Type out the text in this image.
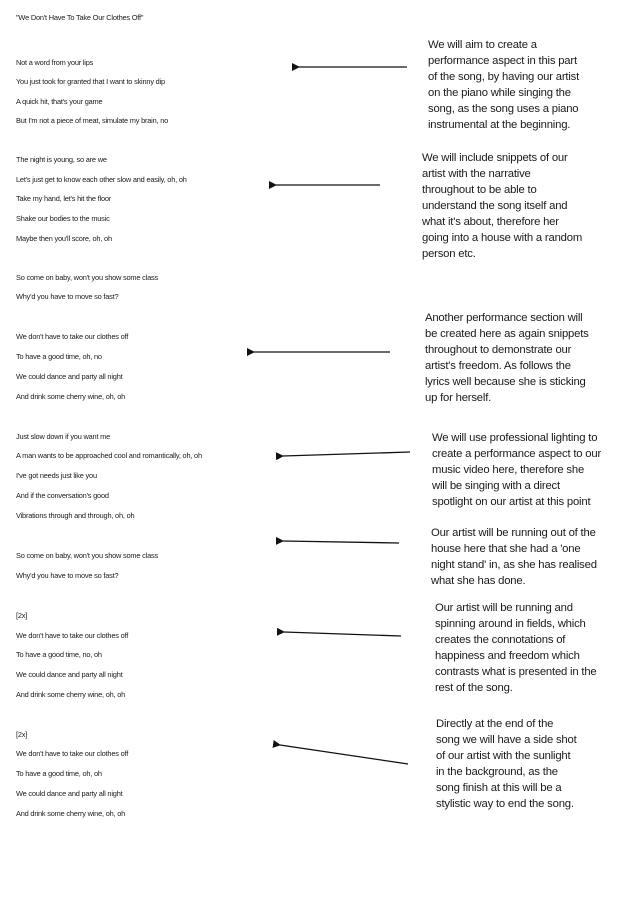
"We Don't Have To Take Our Clothes Off"
Not a word from your lips
You just took for granted that I want to skinny dip
A quick hit, that's your game
But I'm not a piece of meat, simulate my brain, no
The night is young, so are we
Let's just get to know each other slow and easily, oh, oh
Take my hand, let's hit the floor
Shake our bodies to the music
Maybe then you'll score, oh, oh
So come on baby, won't you show some class
Why'd you have to move so fast?
We don't have to take our clothes off
To have a good time, oh, no
We could dance and party all night
And drink some cherry wine, oh, oh
Just slow down if you want me
A man wants to be approached cool and romantically, oh, oh
I've got needs just like you
And if the conversation's good
Vibrations through and through, oh, oh
So come on baby, won't you show some class
Why'd you have to move so fast?
[2x]
We don't have to take our clothes off
To have a good time, no, oh
We could dance and party all night
And drink some cherry wine, oh, oh
[2x]
We don't have to take our clothes off
To have a good time, oh, oh
We could dance and party all night
And drink some cherry wine, oh, oh
We will aim to create a
performance aspect in this part
of the song, by having our artist
on the piano while singing the
song, as the song uses a piano
instrumental at the beginning.
We will include snippets of our
artist with the narrative
throughout to be able to
understand the song itself and
what it's about, therefore her
going into a house with a random
person etc.
Another performance section will
be created here as again snippets
throughout to demonstrate our
artist's freedom. As follows the
lyrics well because she is sticking
up for herself.
We will use professional lighting to
create a performance aspect to our
music video here, therefore she
will be singing with a direct
spotlight on our artist at this point
Our artist will be running out of the
house here that she had a 'one
night stand' in, as she has realised
what she has done.
Our artist will be running and
spinning around in fields, which
creates the connotations of
happiness and freedom which
contrasts what is presented in the
rest of the song.
Directly at the end of the
song we will have a side shot
of our artist with the sunlight
in the background, as the
song finish at this will be a
stylistic way to end the song.
